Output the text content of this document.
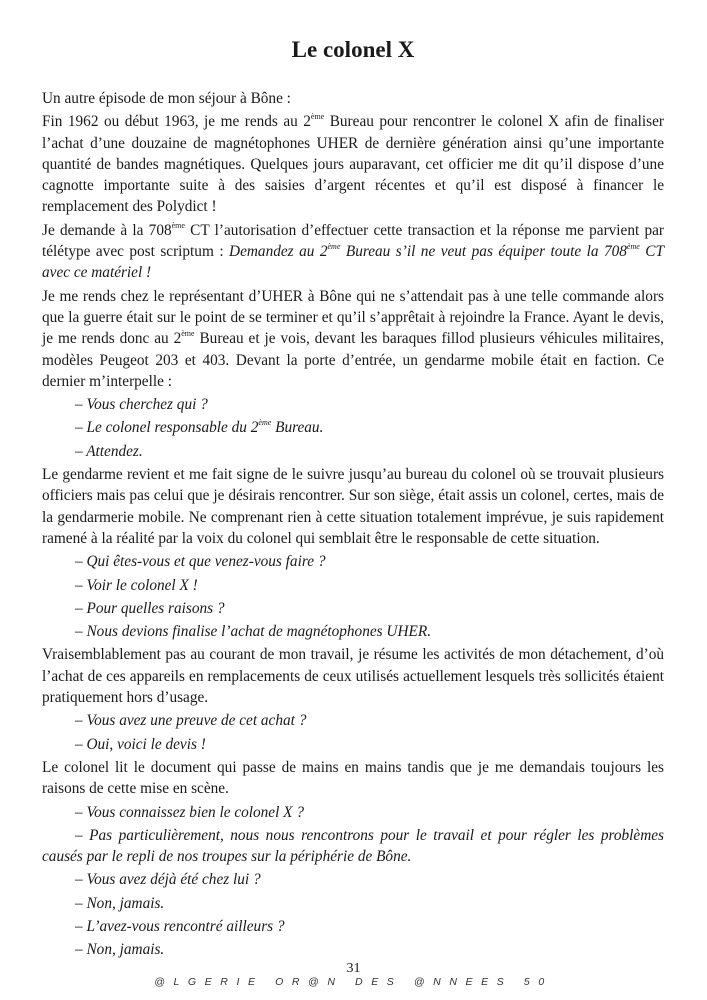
Le colonel X

Un autre épisode de mon séjour à Bône :

Fin 1962 ou début 1963, je me rends au 2ème Bureau pour rencontrer le colonel X afin de finaliser l’achat d’une douzaine de magnétophones UHER de dernière génération ainsi qu’une importante quantité de bandes magnétiques. Quelques jours auparavant, cet officier me dit qu’il dispose d’une cagnotte importante suite à des saisies d’argent récentes et qu’il est disposé à financer le remplacement des Polydict !

Je demande à la 708ème CT l’autorisation d’effectuer cette transaction et la réponse me parvient par télétype avec post scriptum : Demandez au 2ème Bureau s’il ne veut pas équiper toute la 708ème CT avec ce matériel !

Je me rends chez le représentant d’UHER à Bône qui ne s’attendait pas à une telle commande alors que la guerre était sur le point de se terminer et qu’il s’apprêtait à rejoindre la France. Ayant le devis, je me rends donc au 2ème Bureau et je vois, devant les baraques fillod plusieurs véhicules militaires, modèles Peugeot 203 et 403. Devant la porte d’entrée, un gendarme mobile était en faction. Ce dernier m’interpelle :

– Vous cherchez qui ?

– Le colonel responsable du 2ème Bureau.

– Attendez.

Le gendarme revient et me fait signe de le suivre jusqu’au bureau du colonel où se trouvait plusieurs officiers mais pas celui que je désirais rencontrer. Sur son siège, était assis un colonel, certes, mais de la gendarmerie mobile. Ne comprenant rien à cette situation totalement imprévue, je suis rapidement ramené à la réalité par la voix du colonel qui semblait être le responsable de cette situation.

– Qui êtes-vous et que venez-vous faire ?

– Voir le colonel X !

– Pour quelles raisons ?

– Nous devions finalise l’achat de magnétophones UHER.

Vraisemblablement pas au courant de mon travail, je résume les activités de mon détachement, d’où l’achat de ces appareils en remplacements de ceux utilisés actuellement lesquels très sollicités étaient pratiquement hors d’usage.

– Vous avez une preuve de cet achat ?

– Oui, voici le devis !

Le colonel lit le document qui passe de mains en mains tandis que je me demandais toujours les raisons de cette mise en scène.

– Vous connaissez bien le colonel X ?

– Pas particulièrement, nous nous rencontrons pour le travail et pour régler les problèmes causés par le repli de nos troupes sur la périphérie de Bône.

– Vous avez déjà été chez lui ?

– Non, jamais.

– L’avez-vous rencontré ailleurs ?

– Non, jamais.

31
@LGERIE OR@N DES @NNEES 50
